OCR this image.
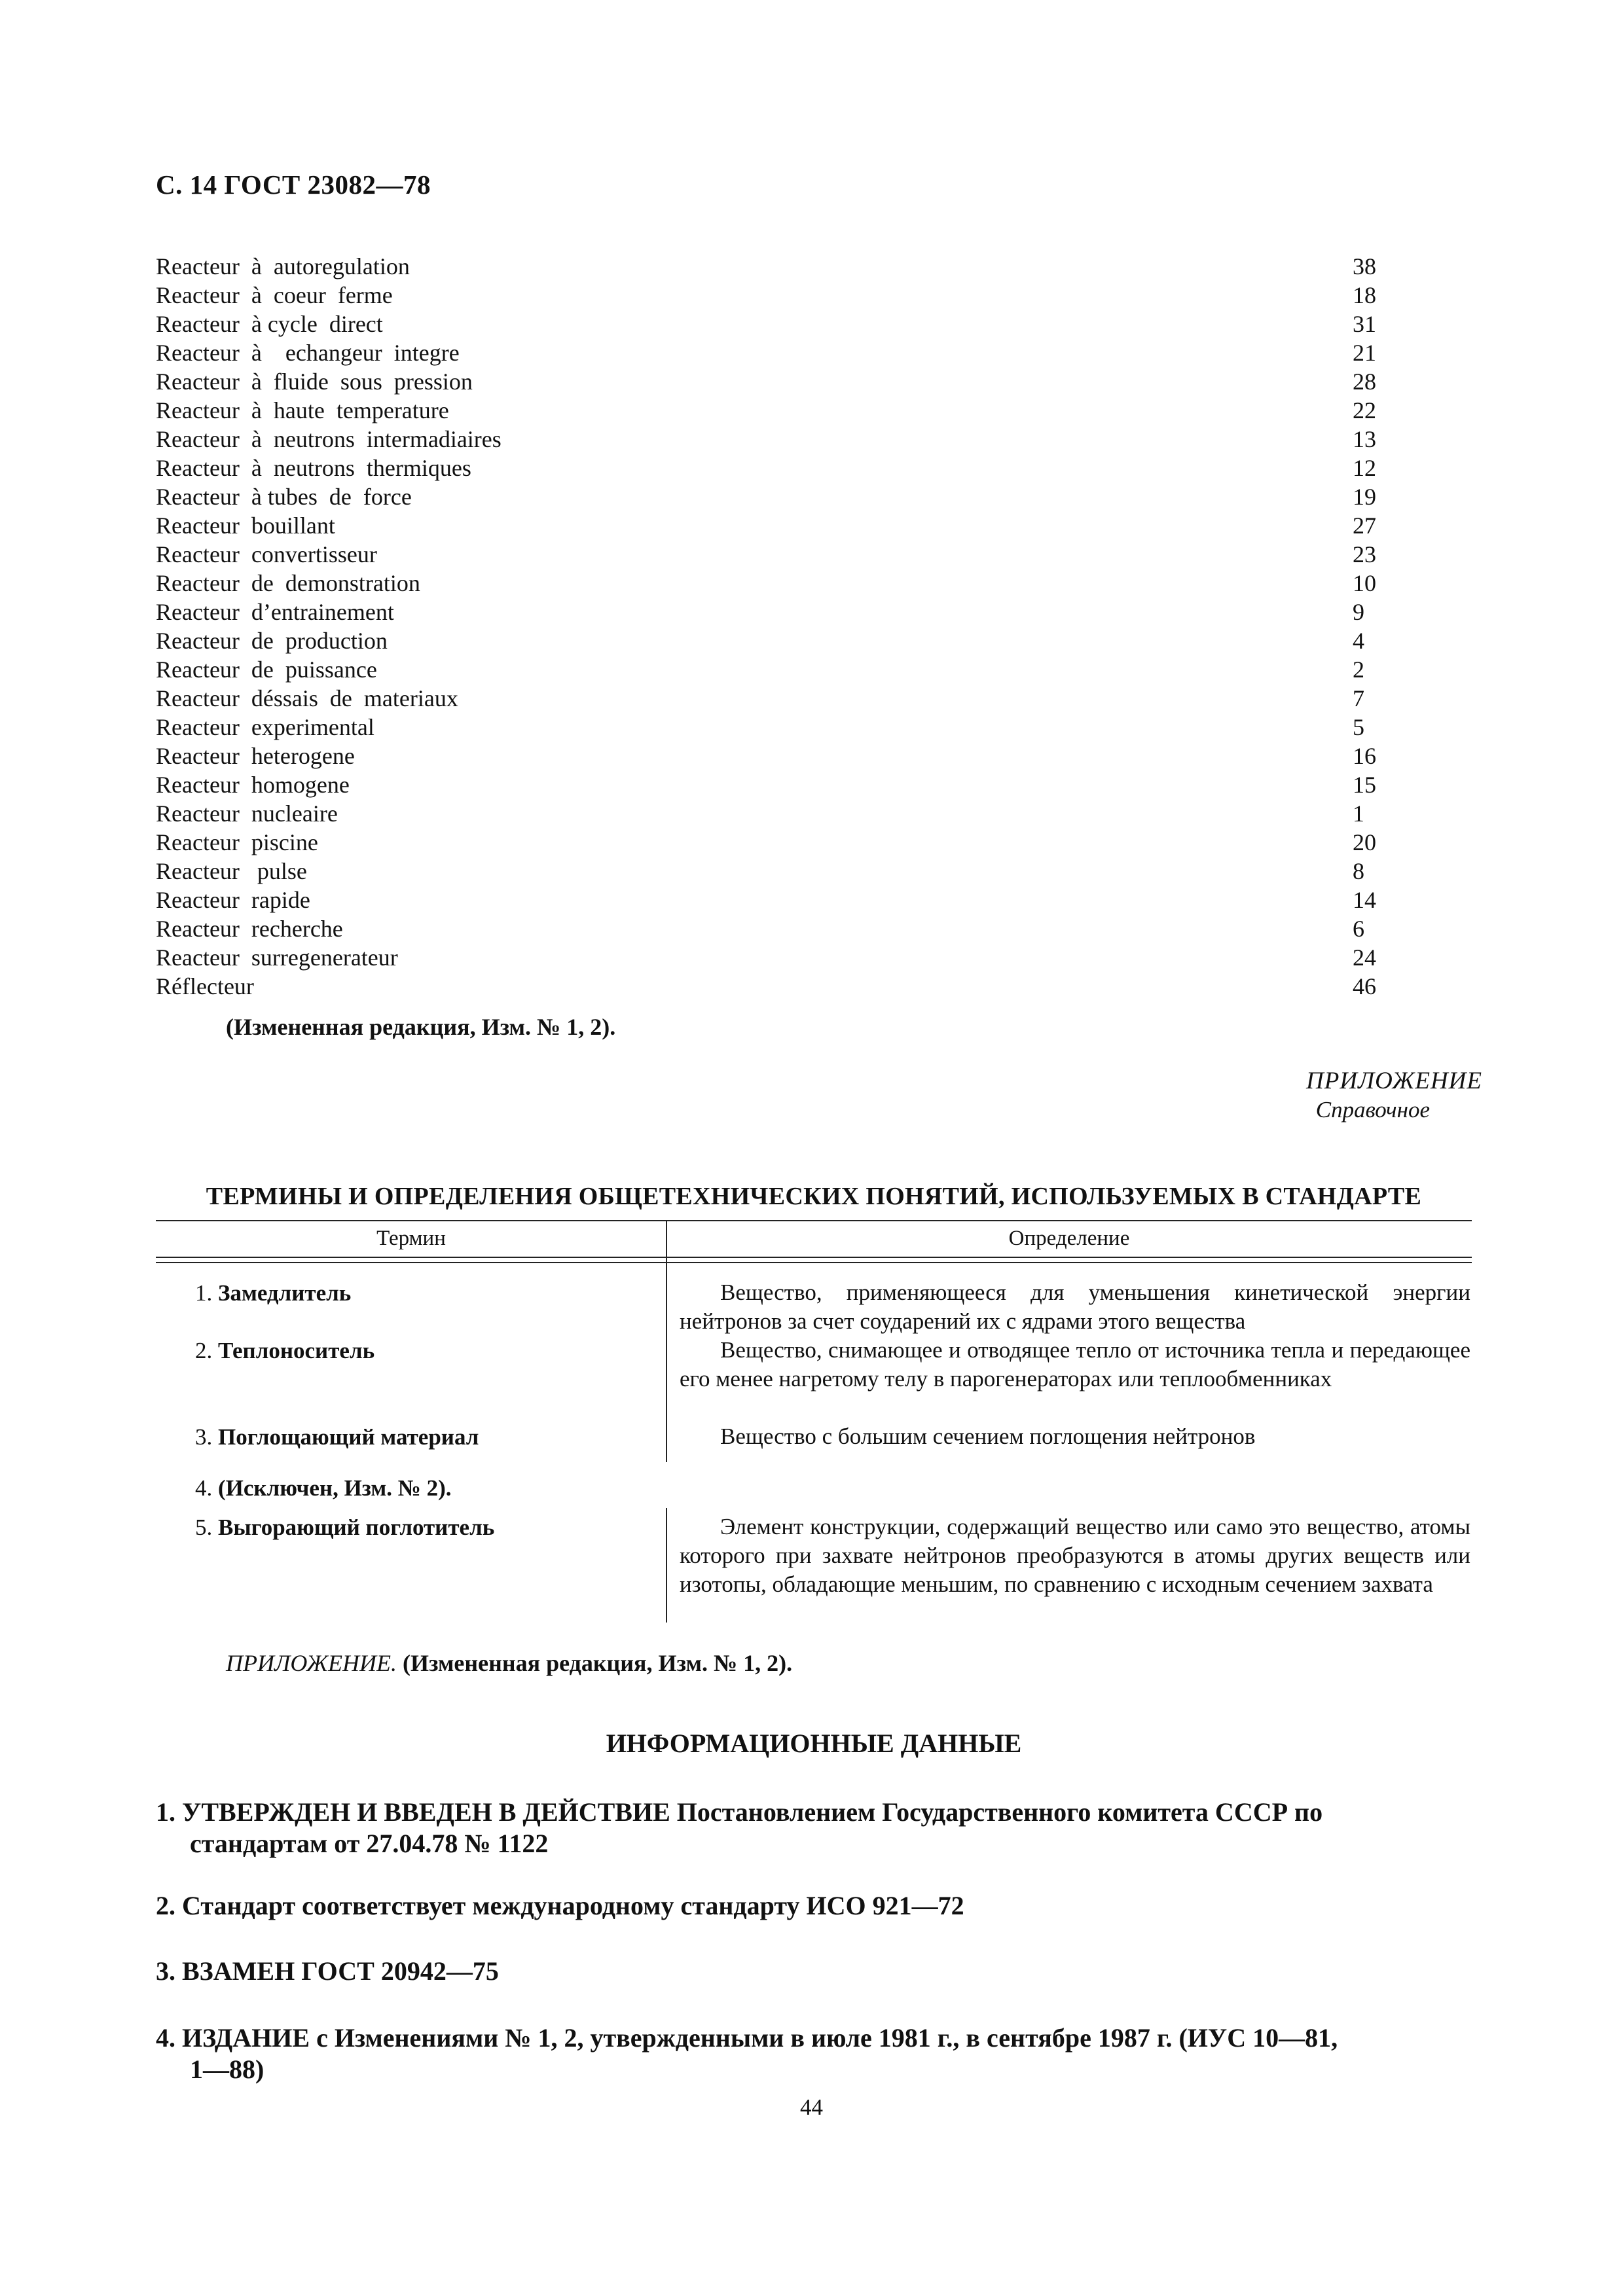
С. 14 ГОСТ 23082—78
Reacteur  à  autoregulation	38
Reacteur  à  coeur  ferme	18
Reacteur  à cycle  direct	31
Reacteur  à    echangeur  integre	21
Reacteur  à  fluide  sous  pression	28
Reacteur  à  haute  temperature	22
Reacteur  à  neutrons  intermadiaires	13
Reacteur  à  neutrons  thermiques	12
Reacteur  à tubes  de  force	19
Reacteur  bouillant	27
Reacteur  convertisseur	23
Reacteur  de  demonstration	10
Reacteur  d’entrainement	9
Reacteur  de  production	4
Reacteur  de  puissance	2
Reacteur  déssais  de  materiaux	7
Reacteur  experimental	5
Reacteur  heterogene	16
Reacteur  homogene	15
Reacteur  nucleaire	1
Reacteur  piscine	20
Reacteur   pulse	8
Reacteur  rapide	14
Reacteur  recherche	6
Reacteur  surregenerateur	24
Réflecteur	46
(Измененная редакция, Изм. № 1, 2).
ПРИЛОЖЕНИЕ
Справочное
ТЕРМИНЫ И ОПРЕДЕЛЕНИЯ ОБЩЕТЕХНИЧЕСКИХ ПОНЯТИЙ, ИСПОЛЬЗУЕМЫХ В СТАНДАРТЕ
Термин	Определение
1. Замедлитель	Вещество, применяющееся для уменьшения кинетической энергии нейтронов за счет соударений их с ядрами этого вещества
2. Теплоноситель	Вещество, снимающее и отводящее тепло от источника тепла и передающее его менее нагретому телу в парогенераторах или теплообменниках
3. Поглощающий материал	Вещество с большим сечением поглощения нейтронов
4. (Исключен, Изм. № 2).
5. Выгорающий поглотитель	Элемент конструкции, содержащий вещество или само это вещество, атомы которого при захвате нейтронов преобразуются в атомы других веществ или изотопы, обладающие меньшим, по сравнению с исходным сечением захвата
ПРИЛОЖЕНИЕ. (Измененная редакция, Изм. № 1, 2).
ИНФОРМАЦИОННЫЕ ДАННЫЕ
1. УТВЕРЖДЕН И ВВЕДЕН В ДЕЙСТВИЕ Постановлением Государственного комитета СССР по
стандартам от 27.04.78 № 1122
2. Стандарт соответствует международному стандарту ИСО 921—72
3. ВЗАМЕН ГОСТ 20942—75
4. ИЗДАНИЕ с Изменениями № 1, 2, утвержденными в июле 1981 г., в сентябре 1987 г. (ИУС 10—81,
1—88)
44
